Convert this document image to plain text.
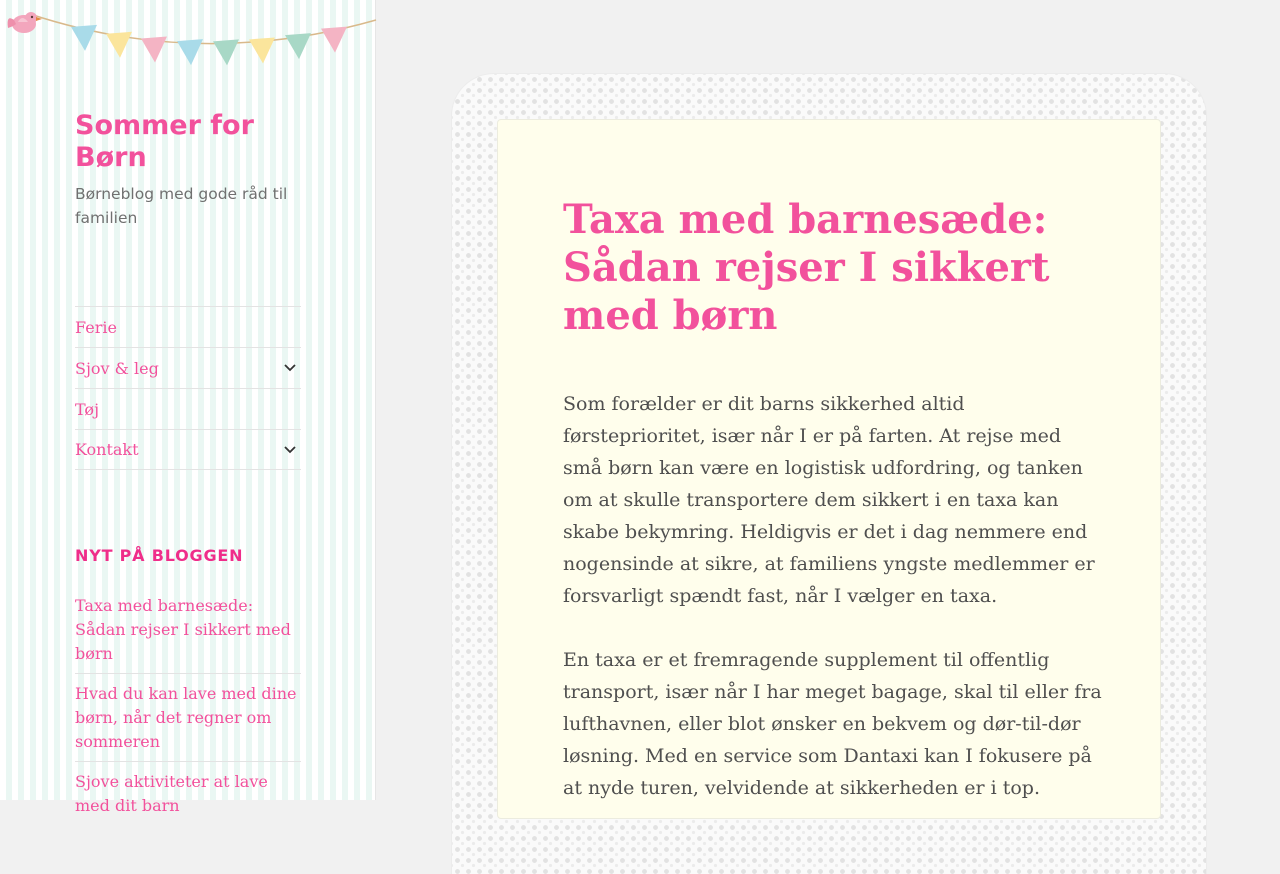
Sommer for Børn
Børneblog med gode råd til familien
Ferie
Sjov & leg
Tøj
Kontakt
NYT PÅ BLOGGEN
Taxa med barnesæde: Sådan rejser I sikkert med børn
Hvad du kan lave med dine børn, når det regner om sommeren
Sjove aktiviteter at lave med dit barn
Taxa med barnesæde: Sådan rejser I sikkert med børn

Som forælder er dit barns sikkerhed altid førsteprioritet, især når I er på farten. At rejse med små børn kan være en logistisk udfordring, og tanken om at skulle transportere dem sikkert i en taxa kan skabe bekymring. Heldigvis er det i dag nemmere end nogensinde at sikre, at familiens yngste medlemmer er forsvarligt spændt fast, når I vælger en taxa.

En taxa er et fremragende supplement til offentlig transport, især når I har meget bagage, skal til eller fra lufthavnen, eller blot ønsker en bekvem og dør-til-dør løsning. Med en service som Dantaxi kan I fokusere på at nyde turen, velvidende at sikkerheden er i top.
